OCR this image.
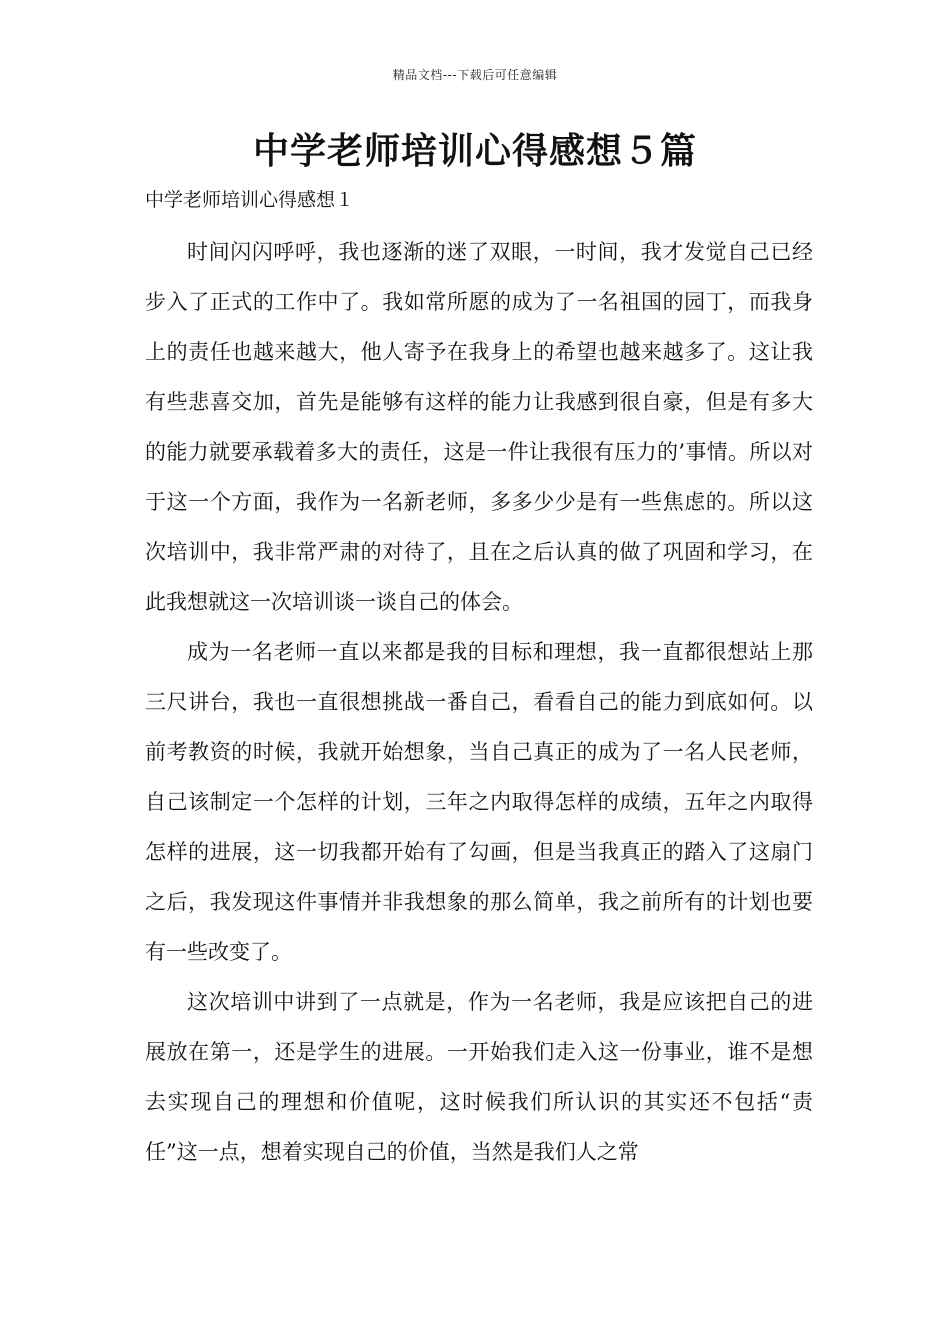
精品文档---下载后可任意编辑
中学老师培训心得感想５篇
中学老师培训心得感想１

时间闪闪呼呼，我也逐渐的迷了双眼，一时间，我才发觉自己已经步入了正式的工作中了。我如常所愿的成为了一名祖国的园丁，而我身上的责任也越来越大，他人寄予在我身上的希望也越来越多了。这让我有些悲喜交加，首先是能够有这样的能力让我感到很自豪，但是有多大的能力就要承载着多大的责任，这是一件让我很有压力的’事情。所以对于这一个方面，我作为一名新老师，多多少少是有一些焦虑的。所以这次培训中，我非常严肃的对待了，且在之后认真的做了巩固和学习，在此我想就这一次培训谈一谈自己的体会。

成为一名老师一直以来都是我的目标和理想，我一直都很想站上那三尺讲台，我也一直很想挑战一番自己，看看自己的能力到底如何。以前考教资的时候，我就开始想象，当自己真正的成为了一名人民老师，自己该制定一个怎样的计划，三年之内取得怎样的成绩，五年之内取得怎样的进展，这一切我都开始有了勾画，但是当我真正的踏入了这扇门之后，我发现这件事情并非我想象的那么简单，我之前所有的计划也要有一些改变了。

这次培训中讲到了一点就是，作为一名老师，我是应该把自己的进展放在第一，还是学生的进展。一开始我们走入这一份事业，谁不是想去实现自己的理想和价值呢，这时候我们所认识的其实还不包括“责任”这一点，想着实现自己的价值，当然是我们人之常
